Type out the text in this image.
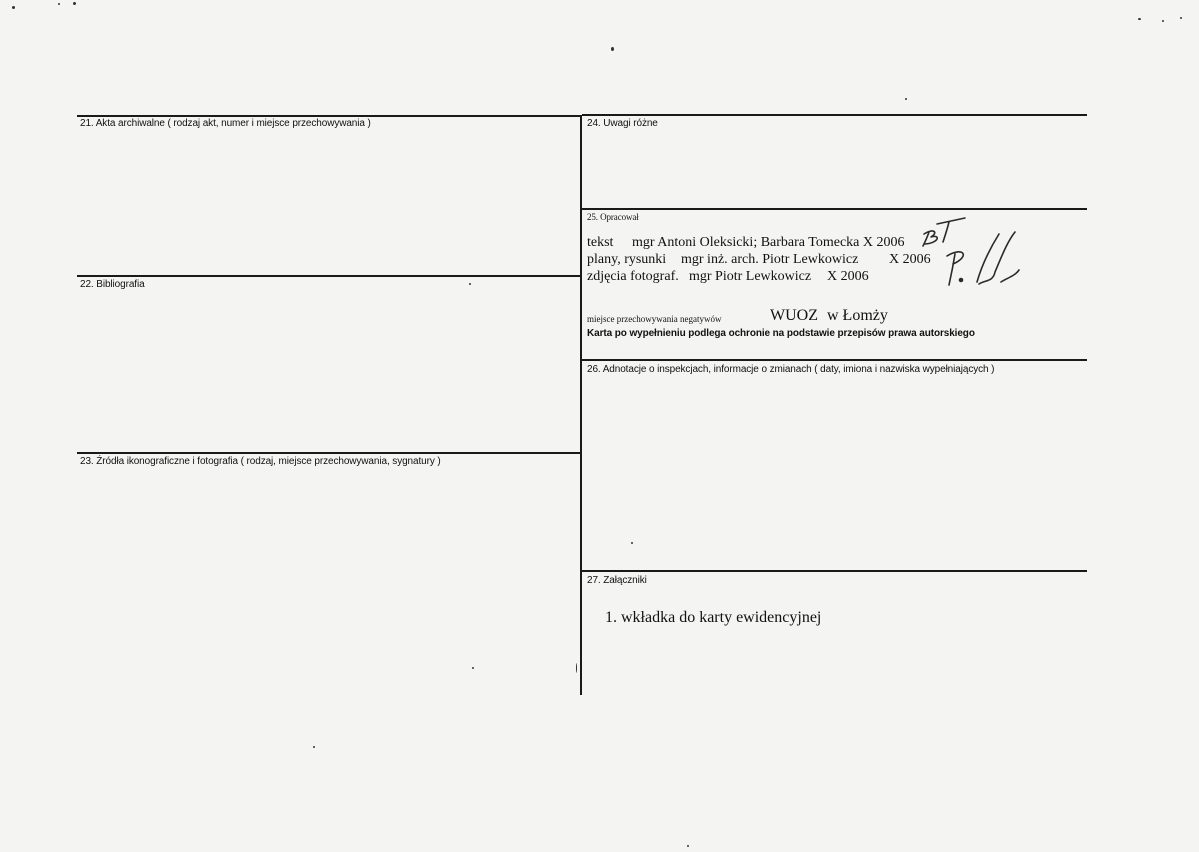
21. Akta archiwalne ( rodzaj akt, numer i miejsce przechowywania )
22. Bibliografia
23. Źródła ikonograficzne i fotografia ( rodzaj, miejsce przechowywania, sygnatury )
24. Uwagi różne
25. Opracował
26. Adnotacje o inspekcjach, informacje o zmianach ( daty, imiona i nazwiska wypełniających )
27. Załączniki
tekst mgr Antoni Oleksicki; Barbara Tomecka X 2006
plany, rysunki mgr inż. arch. Piotr Lewkowicz X 2006
zdjęcia fotograf. mgr Piotr Lewkowicz X 2006
miejsce przechowywania negatywów	WUOZ w Łomży
Karta po wypełnieniu podlega ochronie na podstawie przepisów prawa autorskiego
1. wkładka do karty ewidencyjnej
